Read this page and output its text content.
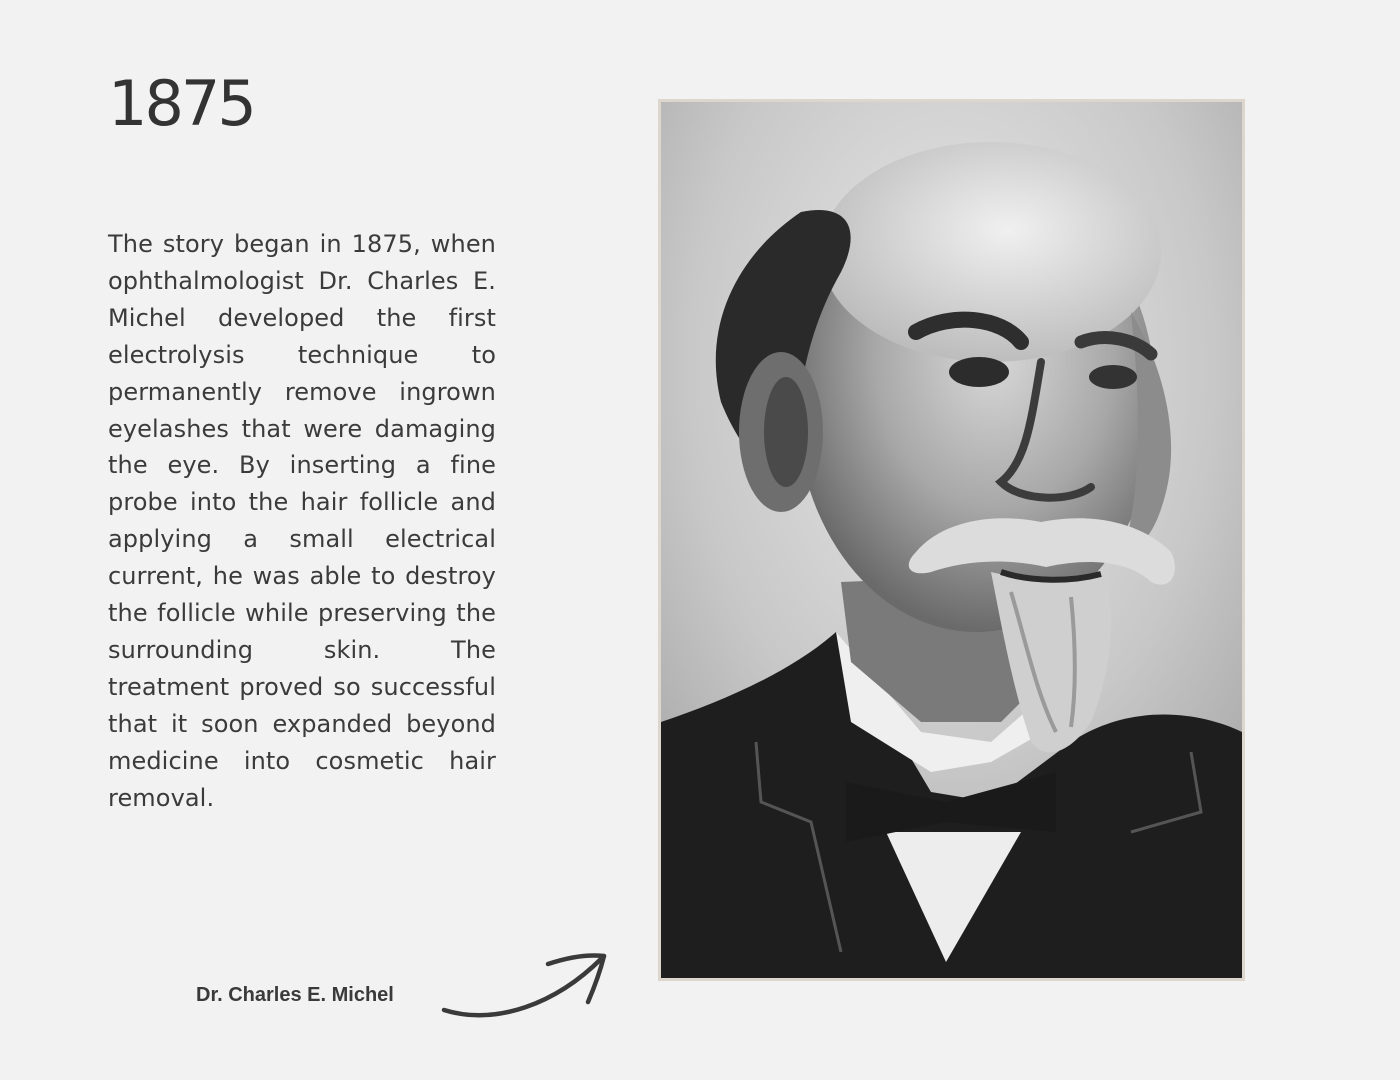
1875

The story began in 1875, when ophthalmologist Dr. Charles E. Michel developed the first electrolysis technique to permanently remove ingrown eyelashes that were damaging the eye. By inserting a fine probe into the hair follicle and applying a small electrical current, he was able to destroy the follicle while preserving the surrounding skin. The treatment proved so successful that it soon expanded beyond medicine into cosmetic hair removal.

Dr. Charles E. Michel
